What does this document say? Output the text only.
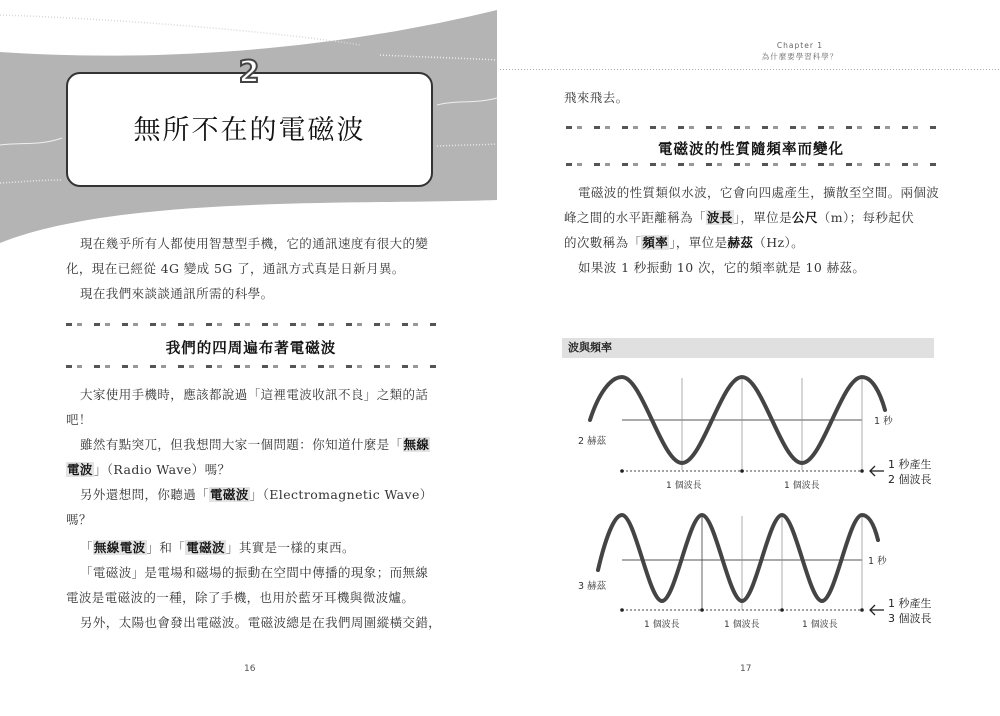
無所不在的電磁波
2
現在幾乎所有人都使用智慧型手機，它的通訊速度有很大的變
化，現在已經從 4G 變成 5G 了，通訊方式真是日新月異。
現在我們來談談通訊所需的科學。
我們的四周遍布著電磁波
大家使用手機時，應該都說過「這裡電波收訊不良」之類的話
吧！
雖然有點突兀，但我想問大家一個問題：你知道什麼是「無線
電波」（Radio Wave）嗎？
另外還想問，你聽過「電磁波」（Electromagnetic Wave）嗎？
「無線電波」和「電磁波」其實是一樣的東西。
「電磁波」是電場和磁場的振動在空間中傳播的現象；而無線
電波是電磁波的一種，除了手機，也用於藍牙耳機與微波爐。
另外，太陽也會發出電磁波。電磁波總是在我們周圍縱橫交錯，
16
Chapter 1
為什麼要學習科學？
飛來飛去。
電磁波的性質隨頻率而變化
電磁波的性質類似水波，它會向四處產生，擴散至空間。兩個波
峰之間的水平距離稱為「波長」，單位是公尺（m）；每秒起伏
的次數稱為「頻率」，單位是赫茲（Hz）。
如果波 1 秒振動 10 次，它的頻率就是 10 赫茲。
波與頻率
2 赫茲
1 秒
1 個波長	1 個波長
1 秒產生
2 個波長
3 赫茲
1 秒
1 個波長	1 個波長	1 個波長
1 秒產生
3 個波長
17
